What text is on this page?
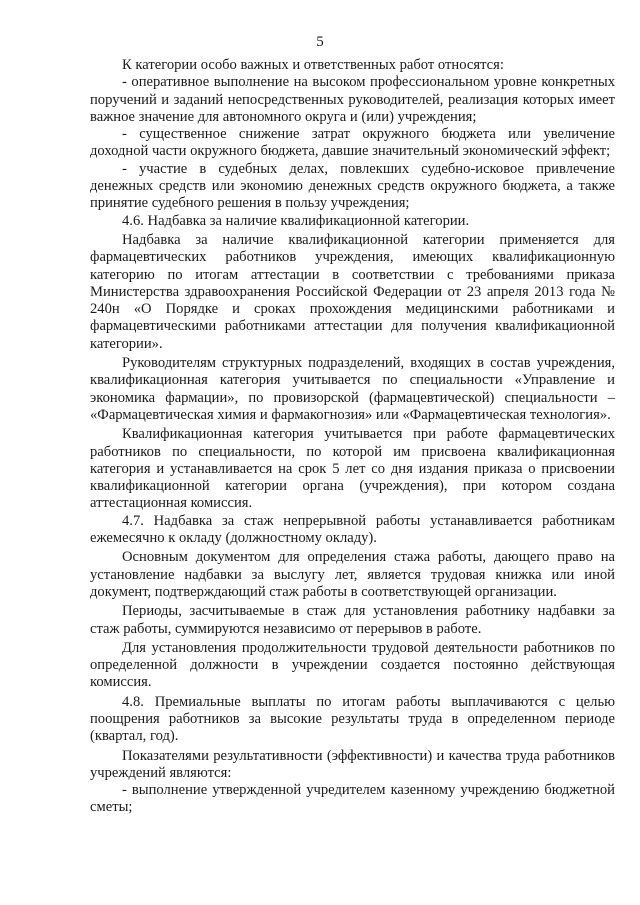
5

К категории особо важных и ответственных работ относятся:

- оперативное выполнение на высоком профессиональном уровне конкретных поручений и заданий непосредственных руководителей, реализация которых имеет важное значение для автономного округа и (или) учреждения;

- существенное снижение затрат окружного бюджета или увеличение доходной части окружного бюджета, давшие значительный экономический эффект;

- участие в судебных делах, повлекших судебно-исковое привлечение денежных средств или экономию денежных средств окружного бюджета, а также принятие судебного решения в пользу учреждения;

4.6. Надбавка за наличие квалификационной категории.

Надбавка за наличие квалификационной категории применяется для фармацевтических работников учреждения, имеющих квалификационную категорию по итогам аттестации в соответствии с требованиями приказа Министерства здравоохранения Российской Федерации от 23 апреля 2013 года № 240н «О Порядке и сроках прохождения медицинскими работниками и фармацевтическими работниками аттестации для получения квалификационной категории».

Руководителям структурных подразделений, входящих в состав учреждения, квалификационная категория учитывается по специальности «Управление и экономика фармации», по провизорской (фармацевтической) специальности – «Фармацевтическая химия и фармакогнозия» или «Фармацевтическая технология».

Квалификационная категория учитывается при работе фармацевтических работников по специальности, по которой им присвоена квалификационная категория и устанавливается на срок 5 лет со дня издания приказа о присвоении квалификационной категории органа (учреждения), при котором создана аттестационная комиссия.

4.7. Надбавка за стаж непрерывной работы устанавливается работникам ежемесячно к окладу (должностному окладу).

Основным документом для определения стажа работы, дающего право на установление надбавки за выслугу лет, является трудовая книжка или иной документ, подтверждающий стаж работы в соответствующей организации.

Периоды, засчитываемые в стаж для установления работнику надбавки за стаж работы, суммируются независимо от перерывов в работе.

Для установления продолжительности трудовой деятельности работников по определенной должности в учреждении создается постоянно действующая комиссия.

4.8. Премиальные выплаты по итогам работы выплачиваются с целью поощрения работников за высокие результаты труда в определенном периоде (квартал, год).

Показателями результативности (эффективности) и качества труда работников учреждений являются:

- выполнение утвержденной учредителем казенному учреждению бюджетной сметы;
